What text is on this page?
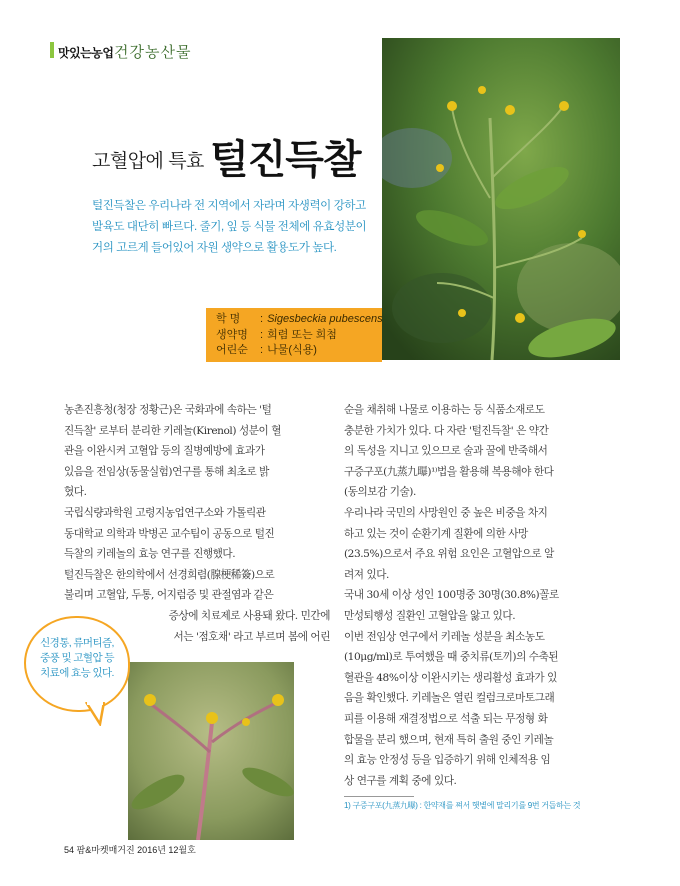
맛있는농업 건강농산물
고혈압에 특효 털진득찰
털진득찰은 우리나라 전 지역에서 자라며 자생력이 강하고
발육도 대단히 빠르다. 줄기, 잎 등 식물 전체에 유효성분이
거의 고르게 들어있어 자원 생약으로 활용도가 높다.
학 명 : Sigesbeckia pubescens
생약명 : 희렴 또는 희첨
어린순 : 나물(식용)
농촌진흥청(청장 정황근)은 국화과에 속하는 '털
진득찰' 로부터 분리한 키레놀(Kirenol) 성분이 혈
관을 이완시켜 고혈압 등의 질병예방에 효과가
있음을 전임상(동물실험)연구를 통해 최초로 밝
혔다.
국립식량과학원 고령지농업연구소와 가톨릭관
동대학교 의학과 박병곤 교수팀이 공동으로 털진
득찰의 키레놀의 효능 연구를 진행했다.
털진득찰은 한의학에서 선경희렴(腺梗稀簽)으로
불리며 고혈압, 두통, 어지럼증 및 관절염과 같은
증상에 치료제로 사용돼 왔다. 민간에
서는 '점호채' 라고 부르며 봄에 어린
순을 채취해 나물로 이용하는 등 식품소재로도
충분한 가치가 있다. 다 자란 '털진득찰' 은 약간
의 독성을 지니고 있으므로 술과 꿀에 반죽해서
구증구포(九蒸九曝)¹⁾법을 활용해 복용해야 한다
(동의보감 기술).
우리나라 국민의 사망원인 중 높은 비중을 차지
하고 있는 것이 순환기계 질환에 의한 사망
(23.5%)으로서 주요 위험 요인은 고혈압으로 알
려져 있다.
국내 30세 이상 성인 100명중 30명(30.8%)꼴로
만성퇴행성 질환인 고혈압을 앓고 있다.
이번 전임상 연구에서 키레놀 성분을 최소농도
(10μg/ml)로 투여했을 때 중치류(토끼)의 수축된
혈관을 48%이상 이완시키는 생리활성 효과가 있
음을 확인했다. 키레놀은 열린 컬럼크로마토그래
피를 이용해 재결정법으로 석출 되는 무정형 화
합물을 분리 했으며, 현재 특허 출원 중인 키레놀
의 효능 안정성 등을 입증하기 위해 인체적용 임
상 연구를 계획 중에 있다.
신경통, 류머티즘,
중풍 및 고혈압 등
치료에 효능 있다.
1) 구증구포(九蒸九曝) : 한약재를 쪄서 햇볕에 말리기를 9번 거듭하는 것
54 팜&마켓매거진 2016년 12월호
